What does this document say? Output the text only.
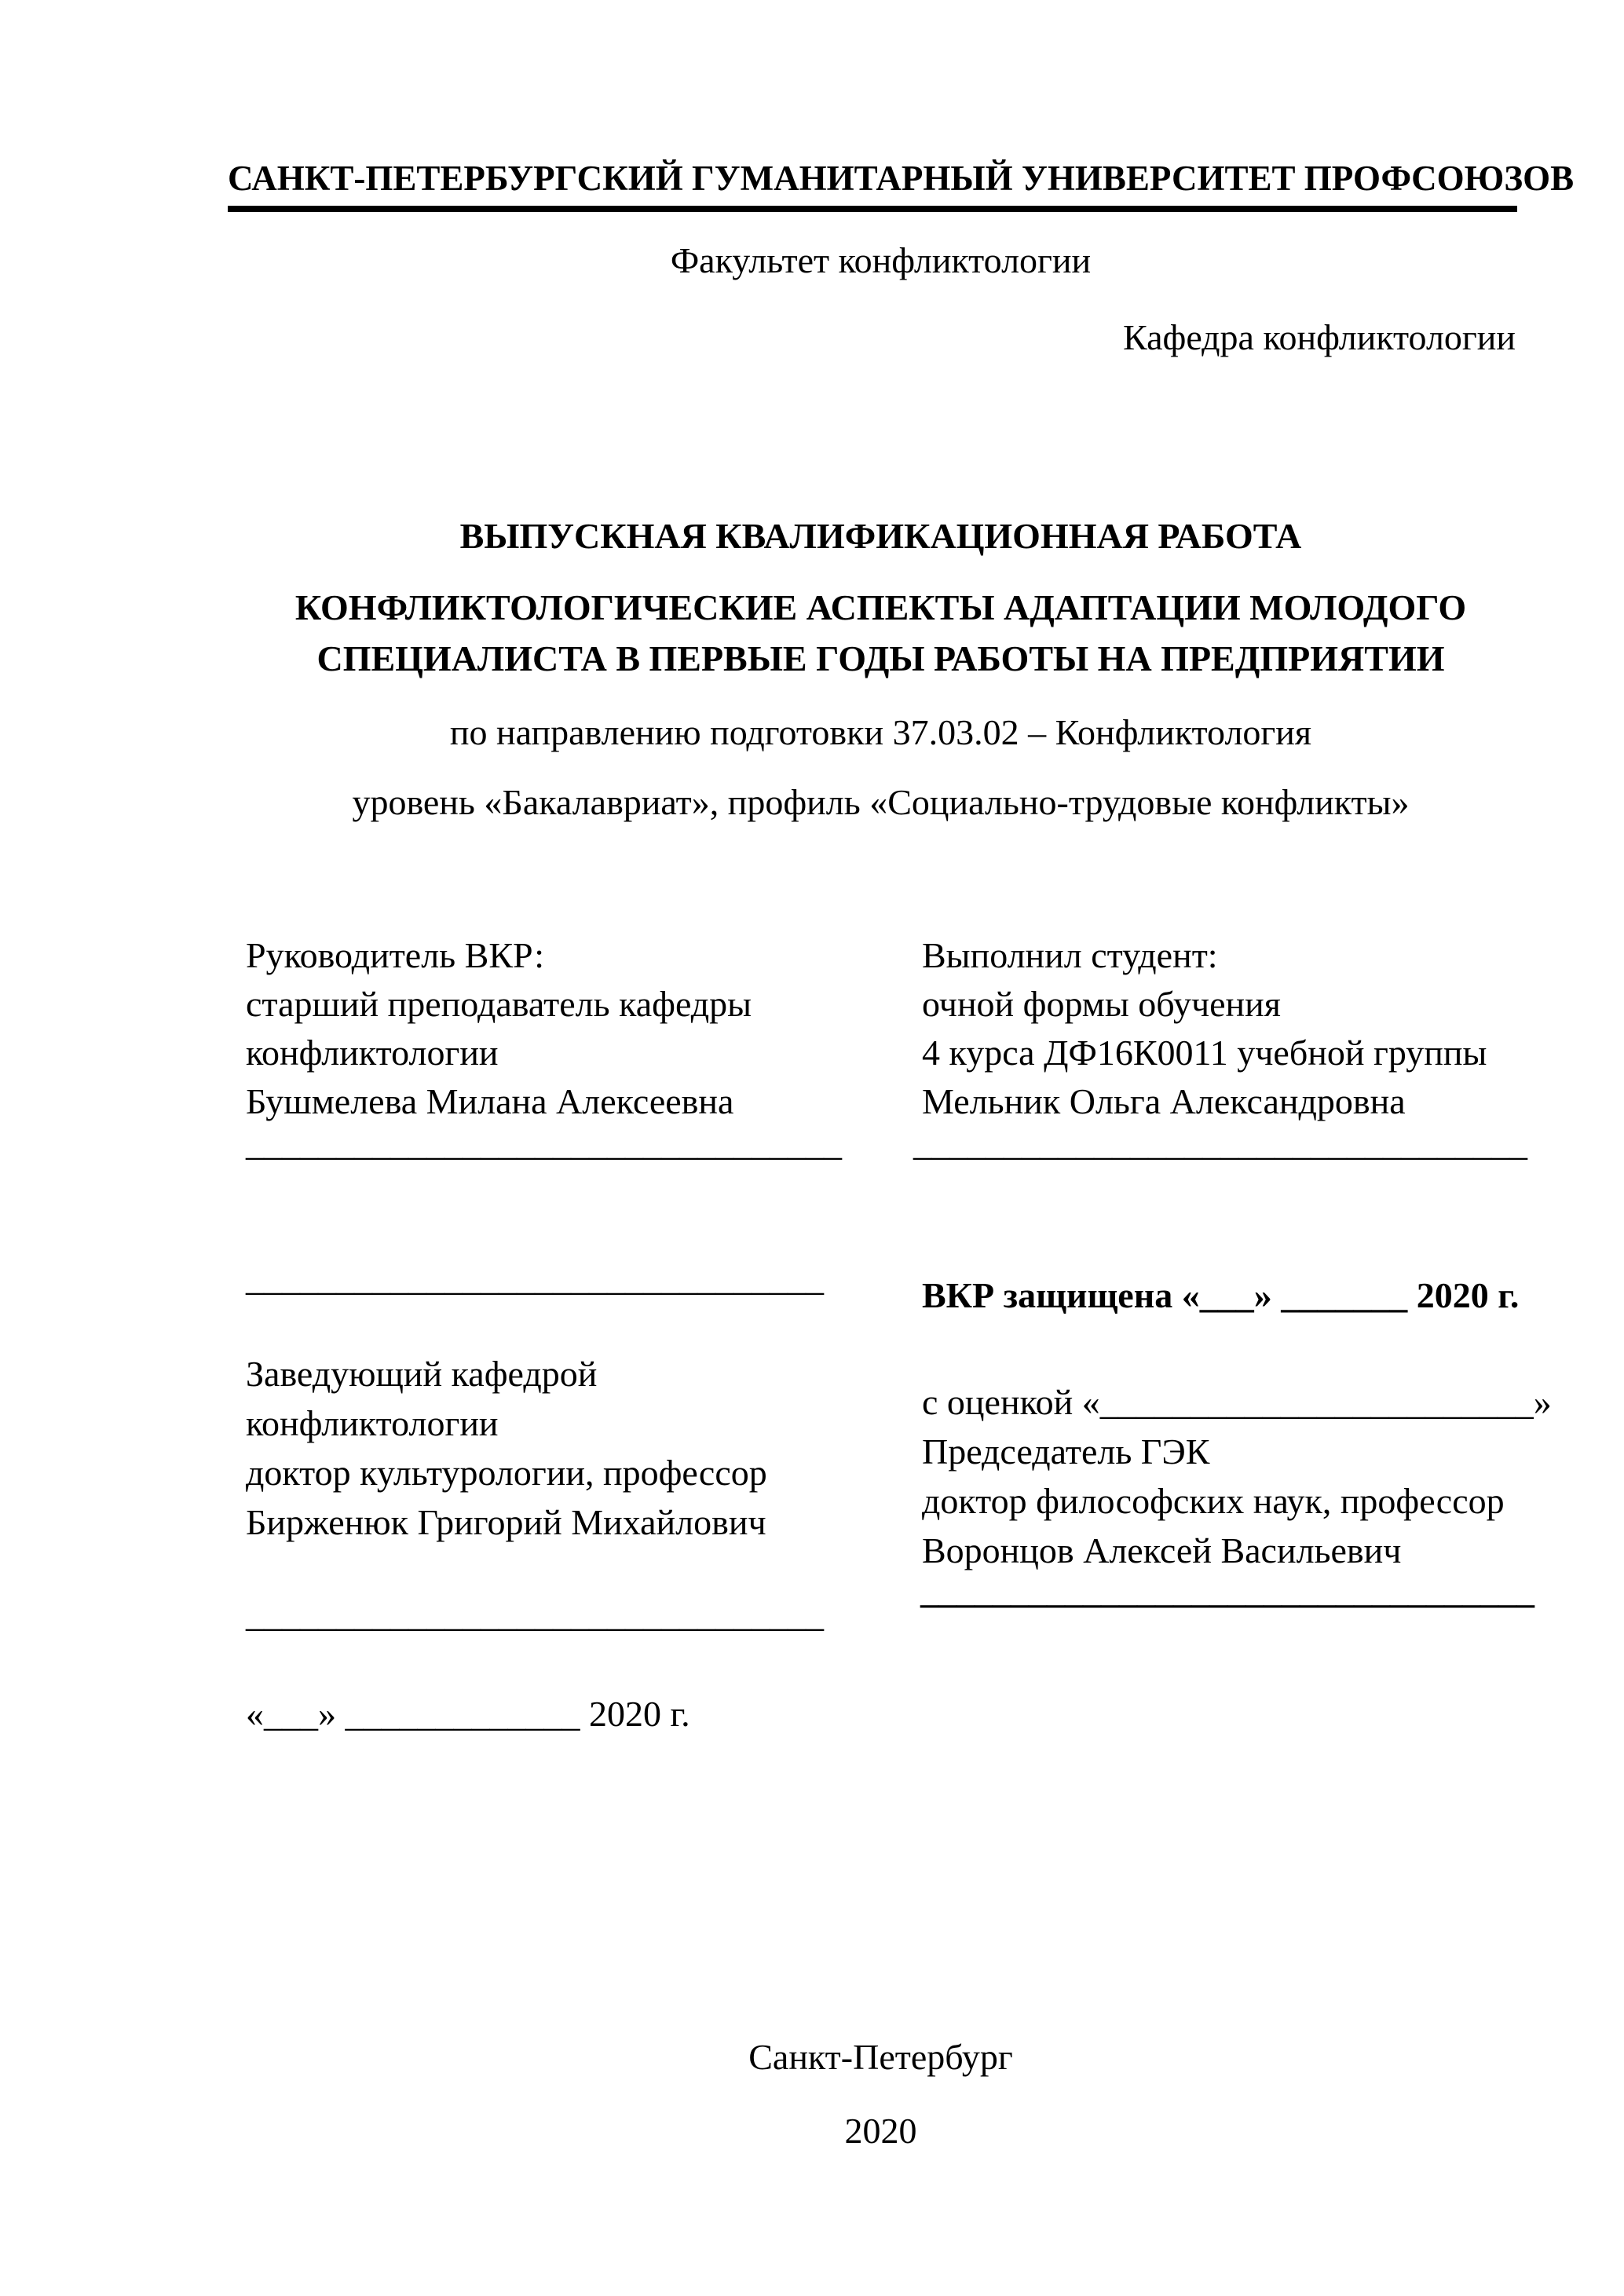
САНКТ-ПЕТЕРБУРГСКИЙ ГУМАНИТАРНЫЙ УНИВЕРСИТЕТ ПРОФСОЮЗОВ
Факультет конфликтологии
Кафедра конфликтологии
ВЫПУСКНАЯ КВАЛИФИКАЦИОННАЯ РАБОТА
КОНФЛИКТОЛОГИЧЕСКИЕ АСПЕКТЫ АДАПТАЦИИ МОЛОДОГО
СПЕЦИАЛИСТА В ПЕРВЫЕ ГОДЫ РАБОТЫ НА ПРЕДПРИЯТИИ
по направлению подготовки 37.03.02 – Конфликтология
уровень «Бакалавриат», профиль «Социально-трудовые конфликты»
Руководитель ВКР:
старший преподаватель кафедры
конфликтологии
Бушмелева Милана Алексеевна
Выполнил студент:
очной формы обучения
4 курса ДФ16К0011 учебной группы
Мельник Ольга Александровна
_________________________________ __________________________________
________________________________
Заведующий кафедрой
конфликтологии
доктор культурологии, профессор
Бирженюк Григорий Михайлович
________________________________
«___» _____________ 2020 г.
ВКР защищена «___» _______ 2020 г.
с оценкой «________________________»
Председатель ГЭК
доктор философских наук, профессор
Воронцов Алексей Васильевич
__________________________________
Санкт-Петербург
2020
